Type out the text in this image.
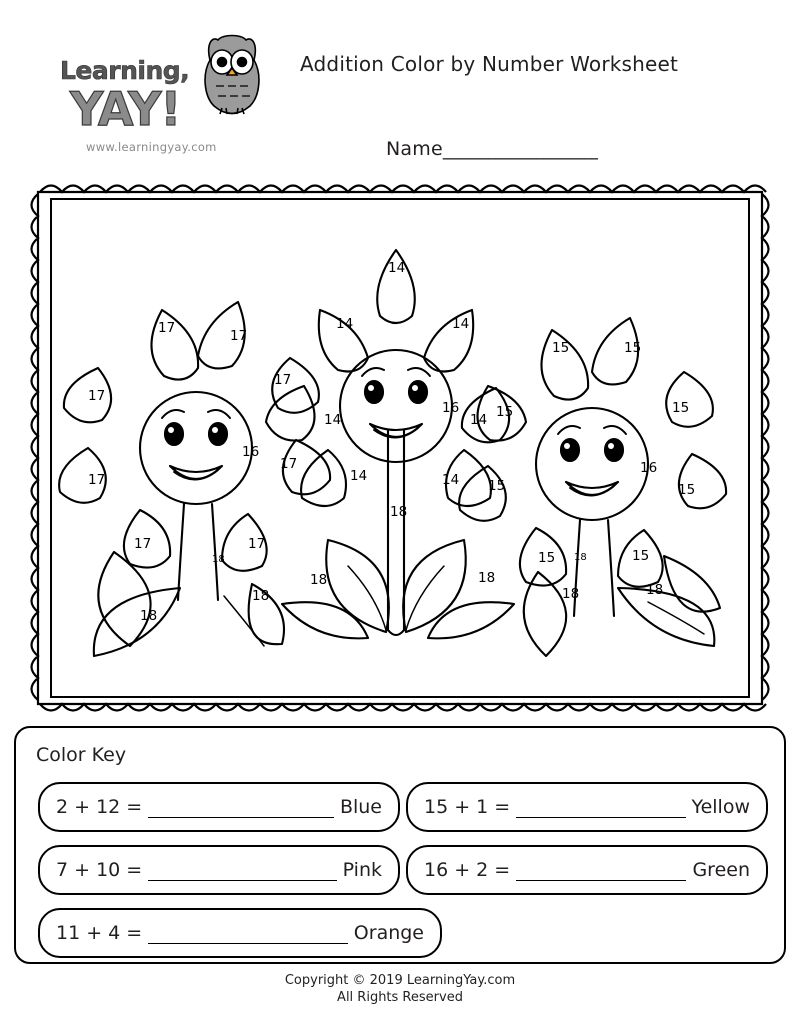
Learning,
YAY!
www.learningyay.com
Addition Color by Number Worksheet
Name________________
17	17
17
17
17
17
17	17
16
14
14	14
14	14
14	14
16
15	15
15	15
15	15
15	15
16
18
18
18
18
18
18
18
18	18
Color Key
2 + 12 =	Blue 15 + 1 =	Yellow
7 + 10 =	Pink 16 + 2 =	Green
11 + 4 =	Orange
Copyright © 2019 LearningYay.com
All Rights Reserved
